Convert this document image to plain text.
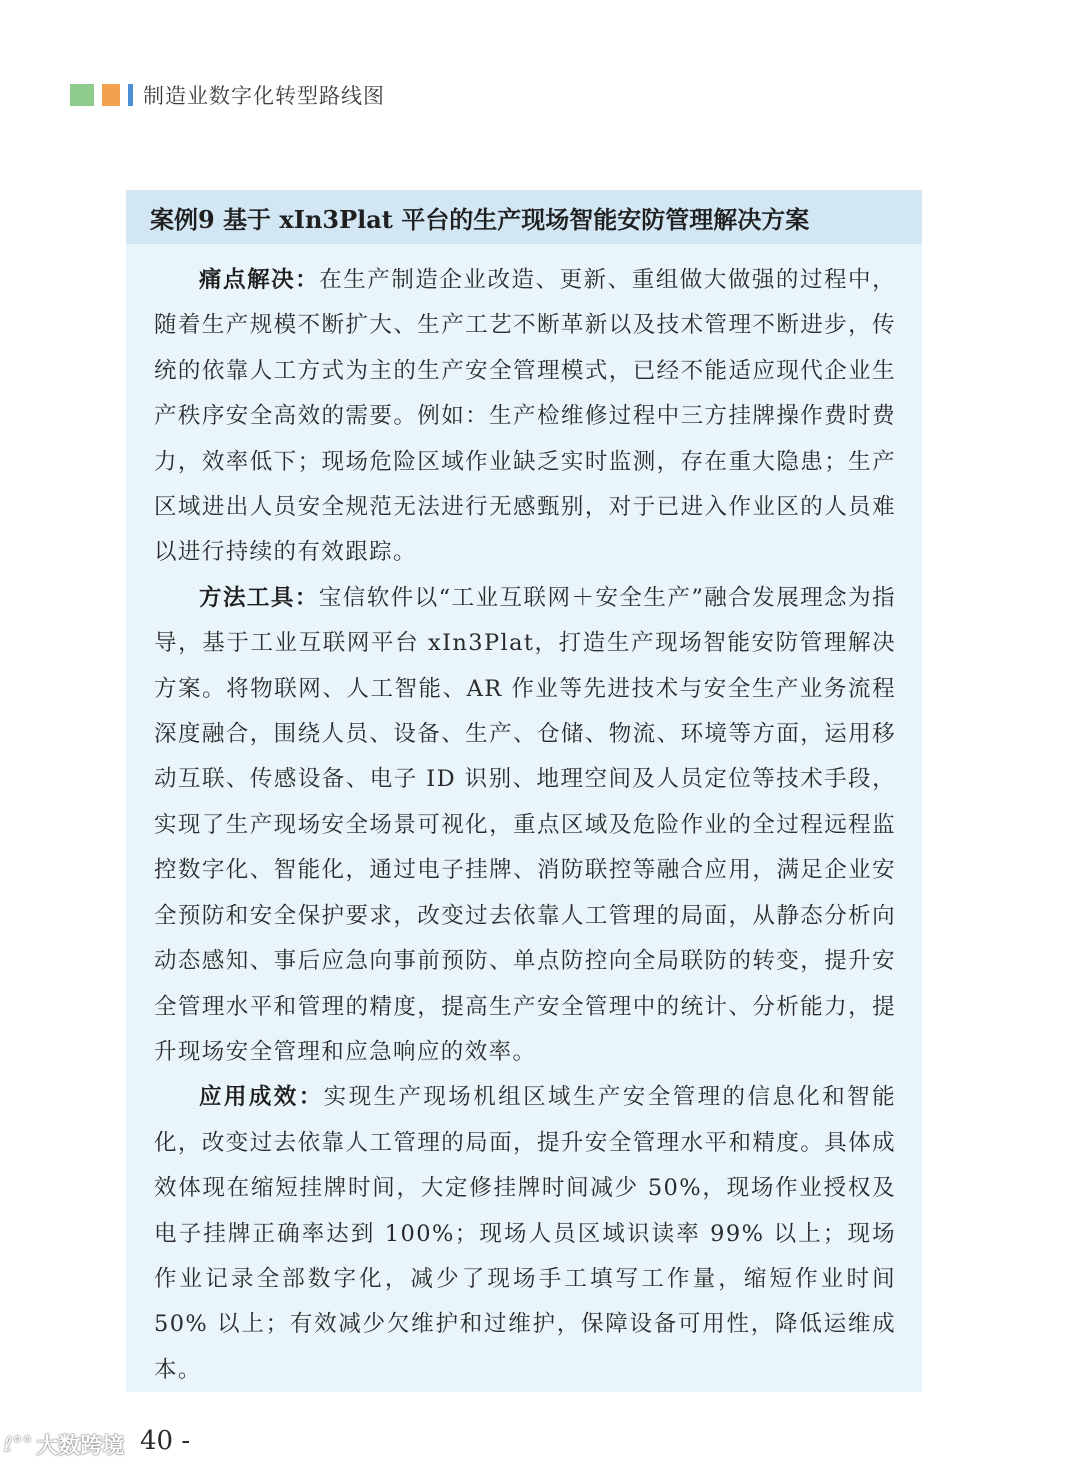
制造业数字化转型路线图
案例9 基于 xIn3Plat 平台的生产现场智能安防管理解决方案

痛点解决：在生产制造企业改造、更新、重组做大做强的过程中，随着生产规模不断扩大、生产工艺不断革新以及技术管理不断进步，传统的依靠人工方式为主的生产安全管理模式，已经不能适应现代企业生产秩序安全高效的需要。例如：生产检维修过程中三方挂牌操作费时费力，效率低下；现场危险区域作业缺乏实时监测，存在重大隐患；生产区域进出人员安全规范无法进行无感甄别，对于已进入作业区的人员难以进行持续的有效跟踪。

方法工具：宝信软件以“工业互联网＋安全生产”融合发展理念为指导，基于工业互联网平台 xIn3Plat，打造生产现场智能安防管理解决方案。将物联网、人工智能、AR 作业等先进技术与安全生产业务流程深度融合，围绕人员、设备、生产、仓储、物流、环境等方面，运用移动互联、传感设备、电子 ID 识别、地理空间及人员定位等技术手段，实现了生产现场安全场景可视化，重点区域及危险作业的全过程远程监控数字化、智能化，通过电子挂牌、消防联控等融合应用，满足企业安全预防和安全保护要求，改变过去依靠人工管理的局面，从静态分析向动态感知、事后应急向事前预防、单点防控向全局联防的转变，提升安全管理水平和管理的精度，提高生产安全管理中的统计、分析能力，提升现场安全管理和应急响应的效率。

应用成效：实现生产现场机组区域生产安全管理的信息化和智能化，改变过去依靠人工管理的局面，提升安全管理水平和精度。具体成效体现在缩短挂牌时间，大定修挂牌时间减少 50%，现场作业授权及电子挂牌正确率达到 100%；现场人员区域识读率 99% 以上；现场作业记录全部数字化，减少了现场手工填写工作量，缩短作业时间 50% 以上；有效减少欠维护和过维护，保障设备可用性，降低运维成本。

ℓ°° 大数跨境 40 -
